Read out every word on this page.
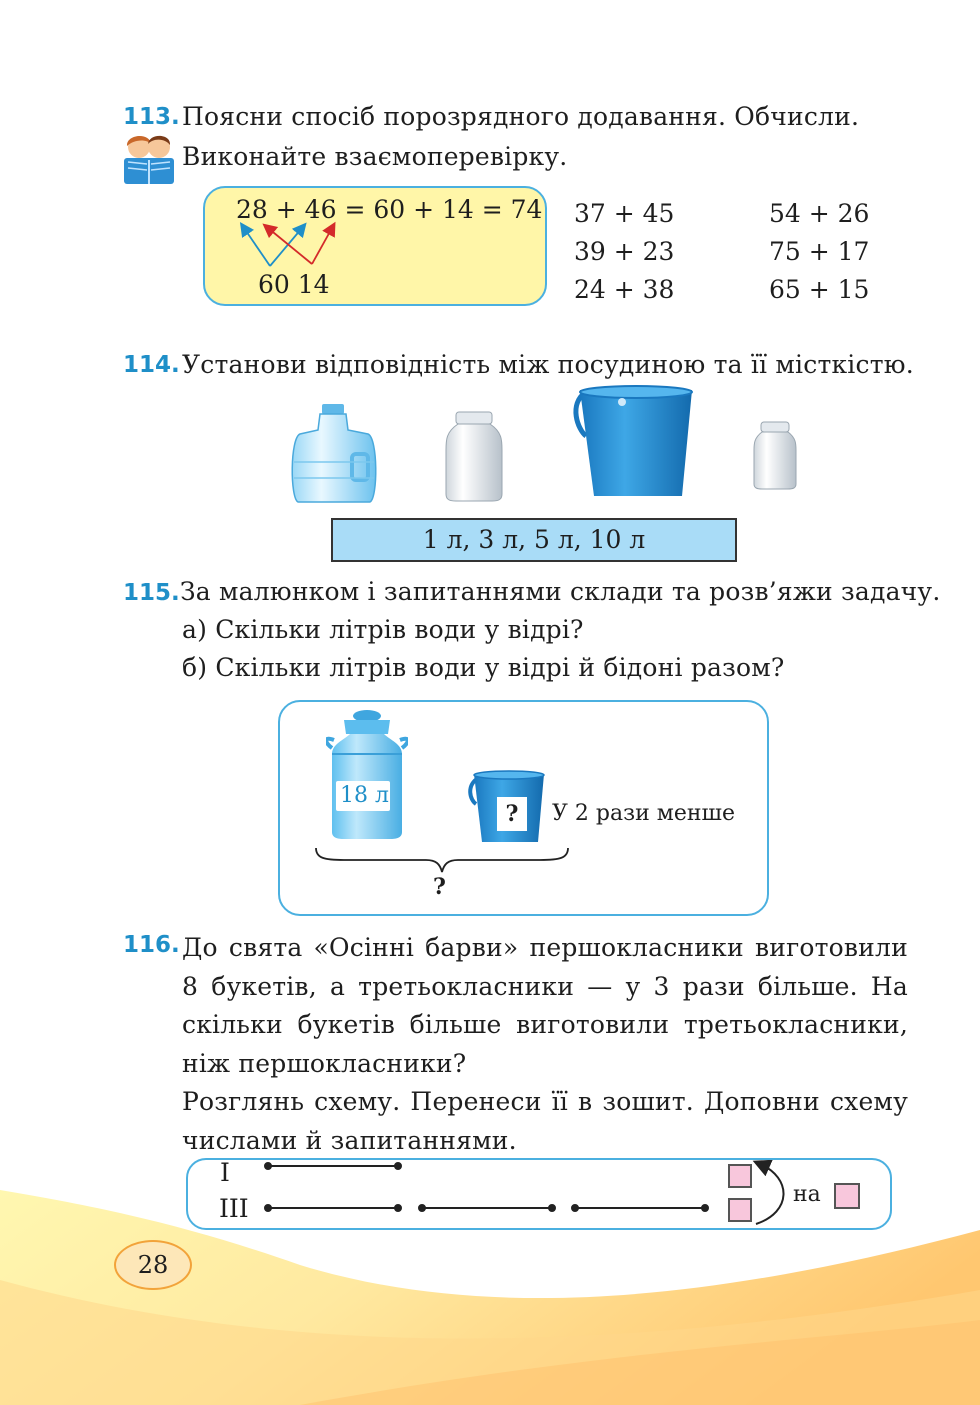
113. Поясни спосіб порозрядного додавання. Обчисли.
Виконайте взаємоперевірку.
28 + 46 = 60 + 14 = 74
60 14
37 + 45
39 + 23
24 + 38
54 + 26
75 + 17
65 + 15
114. Установи відповідність між посудиною та її місткістю.
1 л, 3 л, 5 л, 10 л
115. За малюнком і запитаннями склади та розв’яжи задачу.
а) Скільки літрів води у відрі?
б) Скільки літрів води у відрі й бідоні разом?
18 л
?	У 2 рази менше
?
116. До свята «Осінні барви» першокласники виготовили
8 букетів, а третьокласники — у 3 рази більше. На
скільки букетів більше виготовили третьокласники,
ніж першокласники?
Розглянь схему. Перенеси її в зошит. Доповни схему
числами й запитаннями.
I
III	на
28
